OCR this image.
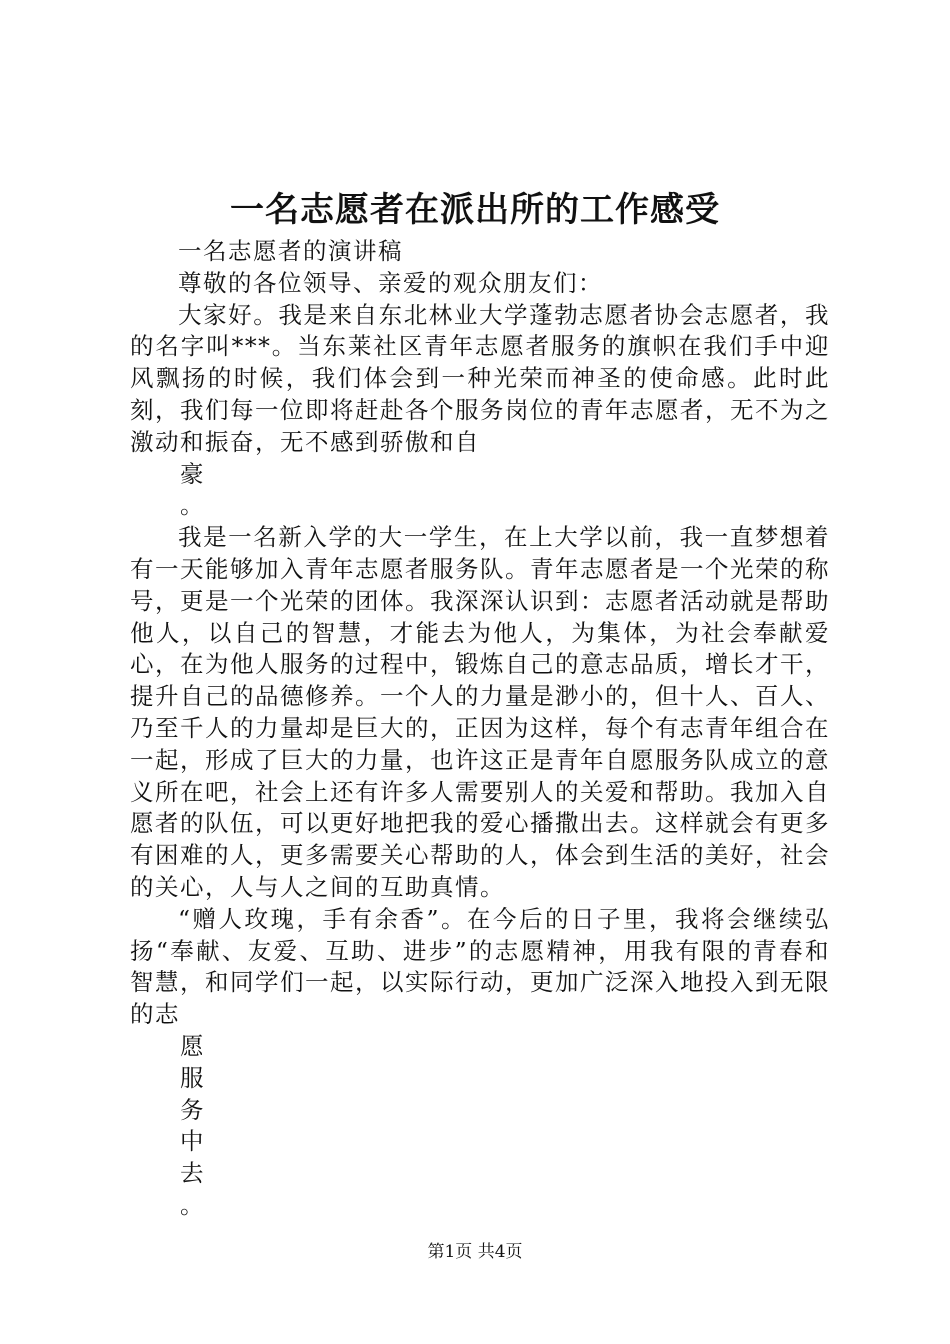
一名志愿者在派出所的工作感受

一名志愿者的演讲稿

尊敬的各位领导、亲爱的观众朋友们：

大家好。我是来自东北林业大学蓬勃志愿者协会志愿者，我的名字叫***。当东莱社区青年志愿者服务的旗帜在我们手中迎风飘扬的时候，我们体会到一种光荣而神圣的使命感。此时此刻，我们每一位即将赶赴各个服务岗位的青年志愿者，无不为之激动和振奋，无不感到骄傲和自

豪

。

我是一名新入学的大一学生，在上大学以前，我一直梦想着有一天能够加入青年志愿者服务队。青年志愿者是一个光荣的称号，更是一个光荣的团体。我深深认识到：志愿者活动就是帮助他人，以自己的智慧，才能去为他人，为集体，为社会奉献爱心，在为他人服务的过程中，锻炼自己的意志品质，增长才干，提升自己的品德修养。一个人的力量是渺小的，但十人、百人、乃至千人的力量却是巨大的，正因为这样，每个有志青年组合在一起，形成了巨大的力量，也许这正是青年自愿服务队成立的意义所在吧，社会上还有许多人需要别人的关爱和帮助。我加入自愿者的队伍，可以更好地把我的爱心播撒出去。这样就会有更多有困难的人，更多需要关心帮助的人，体会到生活的美好，社会的关心，人与人之间的互助真情。

“赠人玫瑰，手有余香”。在今后的日子里，我将会继续弘扬“奉献、友爱、互助、进步”的志愿精神，用我有限的青春和智慧，和同学们一起，以实际行动，更加广泛深入地投入到无限的志

愿

服

务

中

去

。

第1页 共4页
